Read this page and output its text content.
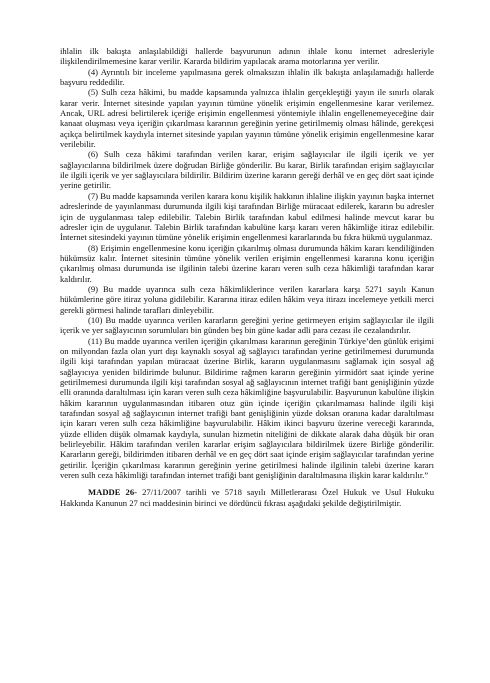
ihlalin ilk bakışta anlaşılabildiği hallerde başvurunun adının ihlale konu internet adresleriyle ilişkilendirilmemesine karar verilir. Kararda bildirim yapılacak arama motorlarına yer verilir.

(4) Ayrıntılı bir inceleme yapılmasına gerek olmaksızın ihlalin ilk bakışta anlaşılamadığı hallerde başvuru reddedilir.

(5) Sulh ceza hâkimi, bu madde kapsamında yalnızca ihlalin gerçekleştiği yayın ile sınırlı olarak karar verir. İnternet sitesinde yapılan yayının tümüne yönelik erişimin engellenmesine karar verilemez. Ancak, URL adresi belirtilerek içeriğe erişimin engellenmesi yöntemiyle ihlalin engellenemeyeceğine dair kanaat oluşması veya içeriğin çıkarılması kararının gereğinin yerine getirilmemiş olması hâlinde, gerekçesi açıkça belirtilmek kaydıyla internet sitesinde yapılan yayının tümüne yönelik erişimin engellenmesine karar verilebilir.

(6) Sulh ceza hâkimi tarafından verilen karar, erişim sağlayıcılar ile ilgili içerik ve yer sağlayıcılarına bildirilmek üzere doğrudan Birliğe gönderilir. Bu karar, Birlik tarafından erişim sağlayıcılar ile ilgili içerik ve yer sağlayıcılara bildirilir. Bildirim üzerine kararın gereği derhâl ve en geç dört saat içinde yerine getirilir.

(7) Bu madde kapsamında verilen karara konu kişilik hakkının ihlaline ilişkin yayının başka internet adreslerinde de yayınlanması durumunda ilgili kişi tarafından Birliğe müracaat edilerek, kararın bu adresler için de uygulanması talep edilebilir. Talebin Birlik tarafından kabul edilmesi halinde mevcut karar bu adresler için de uygulanır. Talebin Birlik tarafından kabulüne karşı kararı veren hâkimliğe itiraz edilebilir. İnternet sitesindeki yayının tümüne yönelik erişimin engellenmesi kararlarında bu fıkra hükmü uygulanmaz.

(8) Erişimin engellenmesine konu içeriğin çıkarılmış olması durumunda hâkim kararı kendiliğinden hükümsüz kalır. İnternet sitesinin tümüne yönelik verilen erişimin engellenmesi kararına konu içeriğin çıkarılmış olması durumunda ise ilgilinin talebi üzerine kararı veren sulh ceza hâkimliği tarafından karar kaldırılır.

(9) Bu madde uyarınca sulh ceza hâkimliklerince verilen kararlara karşı 5271 sayılı Kanun hükümlerine göre itiraz yoluna gidilebilir. Kararına itiraz edilen hâkim veya itirazı incelemeye yetkili merci gerekli görmesi halinde tarafları dinleyebilir.

(10) Bu madde uyarınca verilen kararların gereğini yerine getirmeyen erişim sağlayıcılar ile ilgili içerik ve yer sağlayıcının sorumluları bin günden beş bin güne kadar adli para cezası ile cezalandırılır.

(11) Bu madde uyarınca verilen içeriğin çıkarılması kararının gereğinin Türkiye’den günlük erişimi on milyondan fazla olan yurt dışı kaynaklı sosyal ağ sağlayıcı tarafından yerine getirilmemesi durumunda ilgili kişi tarafından yapılan müracaat üzerine Birlik, kararın uygulanmasını sağlamak için sosyal ağ sağlayıcıya yeniden bildirimde bulunur. Bildirime rağmen kararın gereğinin yirmidört saat içinde yerine getirilmemesi durumunda ilgili kişi tarafından sosyal ağ sağlayıcının internet trafiği bant genişliğinin yüzde elli oranında daraltılması için kararı veren sulh ceza hâkimliğine başvurulabilir. Başvurunun kabulüne ilişkin hâkim kararının uygulanmasından itibaren otuz gün içinde içeriğin çıkarılmaması halinde ilgili kişi tarafından sosyal ağ sağlayıcının internet trafiği bant genişliğinin yüzde doksan oranına kadar daraltılması için kararı veren sulh ceza hâkimliğine başvurulabilir. Hâkim ikinci başvuru üzerine vereceği kararında, yüzde elliden düşük olmamak kaydıyla, sunulan hizmetin niteliğini de dikkate alarak daha düşük bir oran belirleyebilir. Hâkim tarafından verilen kararlar erişim sağlayıcılara bildirilmek üzere Birliğe gönderilir. Kararların gereği, bildirimden itibaren derhâl ve en geç dört saat içinde erişim sağlayıcılar tarafından yerine getirilir. İçeriğin çıkarılması kararının gereğinin yerine getirilmesi halinde ilgilinin talebi üzerine kararı veren sulh ceza hâkimliği tarafından internet trafiği bant genişliğinin daraltılmasına ilişkin karar kaldırılır.”

MADDE 26- 27/11/2007 tarihli ve 5718 sayılı Milletlerarası Özel Hukuk ve Usul Hukuku Hakkında Kanunun 27 nci maddesinin birinci ve dördüncü fıkrası aşağıdaki şekilde değiştirilmiştir.
